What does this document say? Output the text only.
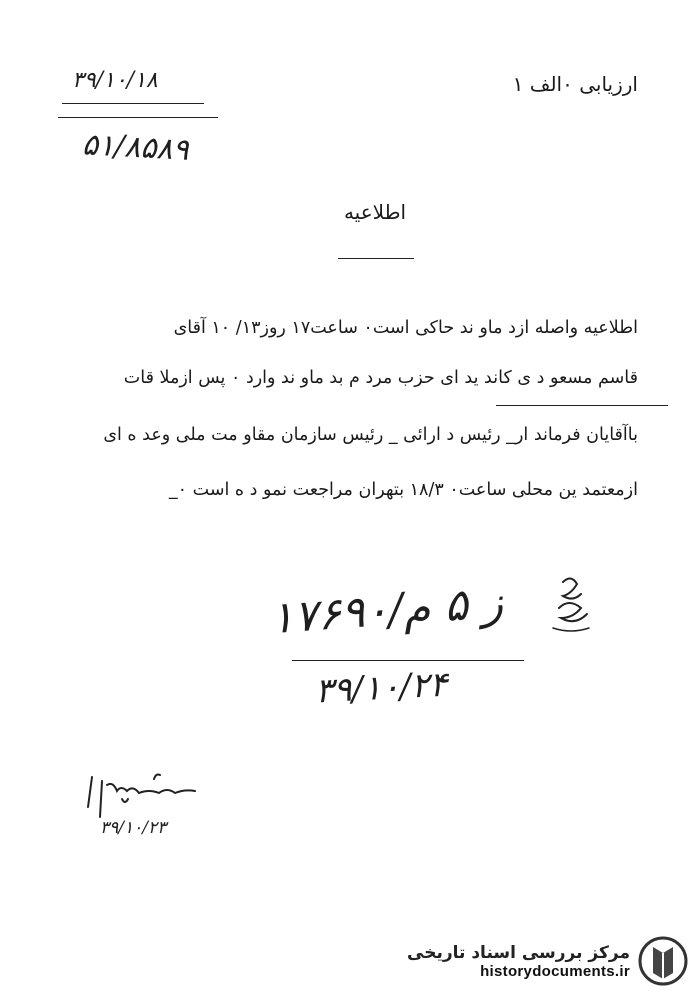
۳۹/۱۰/۱۸	ارزیابی ۰الف ۱
۵۱/۸۵۸۹
اطلاعیه
اطلاعیه واصله ازد ماو ند حاکی است۰ ساعت۱۷ روز۱۳/ ۱۰ آقای
قاسم مسعو د ی کاند ید ای حزب مرد م بد ماو ند وارد ۰ پس ازملا قات
باآقایان فرماند ار_ رئیس د ارائی _ رئیس سازمان مقاو مت ملی وعد ه ای
ازمعتمد ین محلی ساعت۰ ۱۸/۳ بتهران مراجعت نمو د ه است ۰_
۱۷۶۹۰/ز ۵ م
۳۹/۱۰/۲۴
۳۹/۱۰/۲۳
مرکز بررسی اسناد تاریخی
historydocuments.ir
